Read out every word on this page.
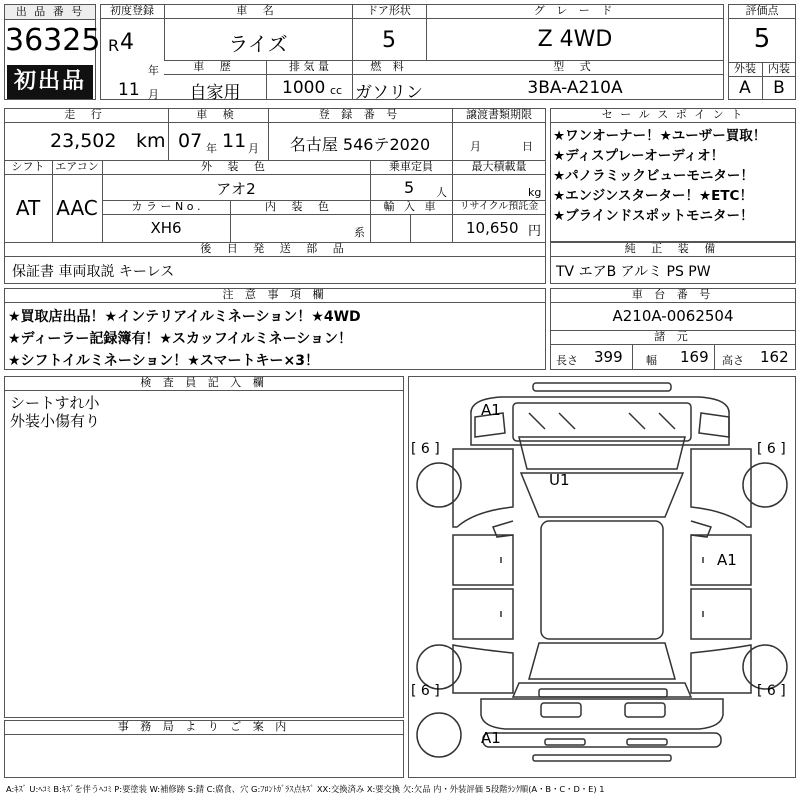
出 品 番 号
36325
初出品
初度登録
R 4
年
11 月
車 名
ライズ
ドア形状
5
グ レ ー ド
Z 4WD
車 歴
自家用
排 気 量
1000 cc
燃 料
ガソリン
型 式
3BA-A210A
評価点
5
外装	内装
A	B
走 行
23,502 km
車 検
07 年 11 月
登 録 番 号
名古屋 546テ2020
譲渡書類期限
月	日
シフト
AT
エアコン
AAC
外 装 色
アオ2
乗車定員
5 人
最大積載量
kg
カ ラ ー N o .
XH6
内 装 色
系
輸 入 車	リサイクル預託金
10,650 円
後 日 発 送 部 品
保証書 車両取説 キーレス
セ ー ル ス ポ イ ン ト
★ワンオーナー！★ユーザー買取！
★ディスプレーオーディオ！
★パノラミックビューモニター！
★エンジンスターター！★ETC！
★ブラインドスポットモニター！
純 正 装 備
TV エアB アルミ PS PW
注 意 事 項 欄
★買取店出品！★インテリアイルミネーション！★4WD
★ディーラー記録簿有！★スカッフイルミネーション！
★シフトイルミネーション！★スマートキー×3！
車 台 番 号
A210A-0062504
諸 元
長さ 399 幅 169 高さ 162
検 査 員 記 入 欄
シートすれ小
外装小傷有り
事 務 局 よ り ご 案 内
A1
U1
A1
A1
[ 6 ]	[ 6 ]
[ 6 ]	[ 6 ]
A:ｷｽﾞ U:ﾍｺﾐ B:ｷｽﾞを伴うﾍｺﾐ P:要塗装 W:補修跡 S:錆 C:腐食、穴 G:ﾌﾛﾝﾄｶﾞﾗｽ点ｷｽﾞ XX:交換済み X:要交換 欠:欠品 内・外装評価 5段階ﾗﾝｸ順(A・B・C・D・E) 1
